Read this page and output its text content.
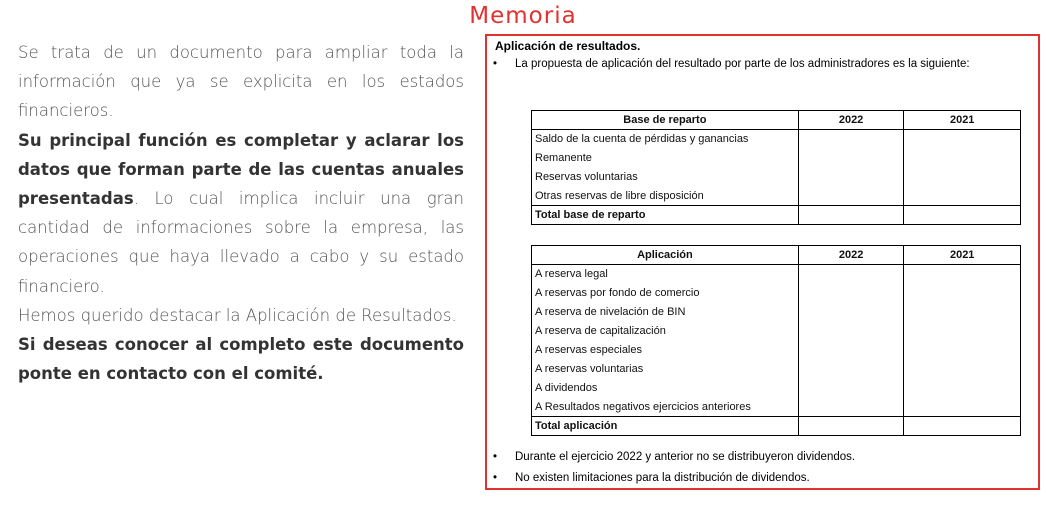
Memoria

Se trata de un documento para ampliar toda la información que ya se explicita en los estados financieros.

Su principal función es completar y aclarar los datos que forman parte de las cuentas anuales presentadas. Lo cual implica incluir una gran cantidad de informaciones sobre la empresa, las operaciones que haya llevado a cabo y su estado financiero.

Hemos querido destacar la Aplicación de Resultados.

Si deseas conocer al completo este documento ponte en contacto con el comité.

Aplicación de resultados.
• La propuesta de aplicación del resultado por parte de los administradores es la siguiente:
Base de reparto	2022	2021
Saldo de la cuenta de pérdidas y ganancias		
Remanente		
Reservas voluntarias		
Otras reservas de libre disposición		
Total base de reparto		
Aplicación	2022	2021
A reserva legal		
A reservas por fondo de comercio		
A reserva de nivelación de BIN		
A reserva de capitalización		
A reservas especiales		
A reservas voluntarias		
A dividendos		
A Resultados negativos ejercicios anteriores		
Total aplicación		
• Durante el ejercicio 2022 y anterior no se distribuyeron dividendos.
• No existen limitaciones para la distribución de dividendos.
